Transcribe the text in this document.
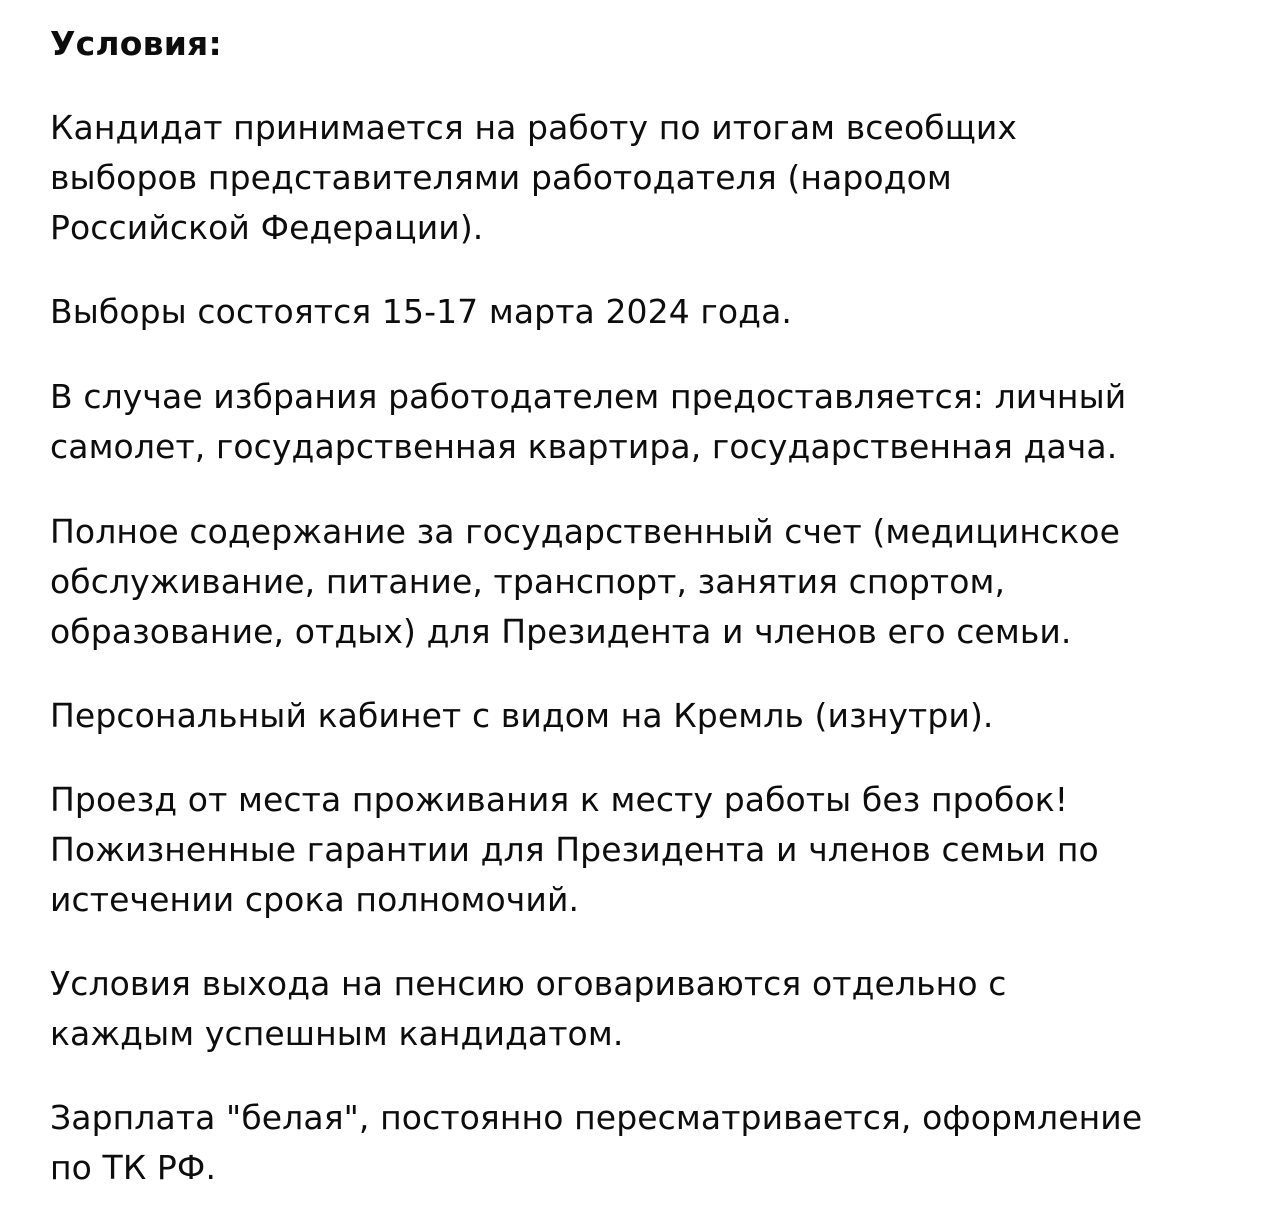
Условия:

Кандидат принимается на работу по итогам всеобщих
выборов представителями работодателя (народом
Российской Федерации).

Выборы состоятся 15-17 марта 2024 года.

В случае избрания работодателем предоставляется: личный
самолет, государственная квартира, государственная дача.

Полное содержание за государственный счет (медицинское
обслуживание, питание, транспорт, занятия спортом,
образование, отдых) для Президента и членов его семьи.

Персональный кабинет с видом на Кремль (изнутри).

Проезд от места проживания к месту работы без пробок!
Пожизненные гарантии для Президента и членов семьи по
истечении срока полномочий.

Условия выхода на пенсию оговариваются отдельно с
каждым успешным кандидатом.

Зарплата "белая", постоянно пересматривается, оформление
по ТК РФ.
